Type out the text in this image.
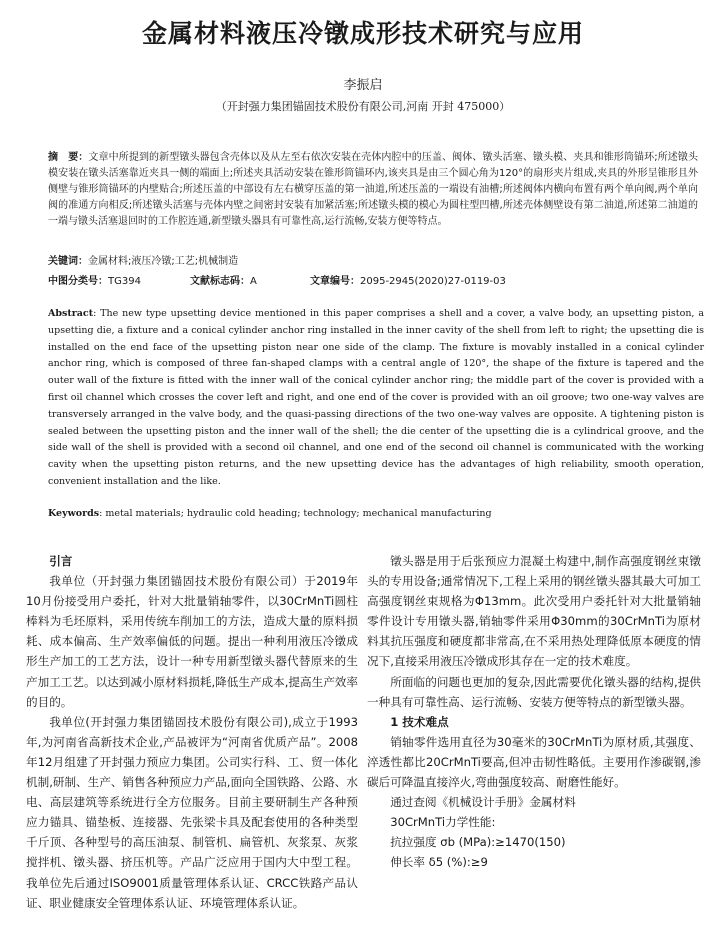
金属材料液压冷镦成形技术研究与应用
李振启
（开封强力集团锚固技术股份有限公司,河南 开封 475000）
摘　要：文章中所提到的新型镦头器包含壳体以及从左至右依次安装在壳体内腔中的压盖、阀体、镦头活塞、镦头模、夹具和锥形筒锚环;所述镦头模安装在镦头活塞靠近夹具一侧的端面上;所述夹具活动安装在锥形筒锚环内,该夹具是由三个圆心角为120°的扇形夹片组成,夹具的外形呈锥形且外侧壁与锥形筒锚环的内壁贴合;所述压盖的中部设有左右横穿压盖的第一油道,所述压盖的一端设有油槽;所述阀体内横向布置有两个单向阀,两个单向阀的准通方向相反;所述镦头活塞与壳体内壁之间密封安装有加紧活塞;所述镦头模的模心为圆柱型凹槽,所述壳体侧壁设有第二油道,所述第二油道的一端与镦头活塞退回时的工作腔连通,新型镦头器具有可靠性高,运行流畅,安装方便等特点。
关键词：金属材料;液压冷镦;工艺;机械制造
中图分类号：TG394	文献标志码：A	文章编号：2095-2945(2020)27-0119-03
Abstract: The new type upsetting device mentioned in this paper comprises a shell and a cover, a valve body, an upsetting piston, a upsetting die, a fixture and a conical cylinder anchor ring installed in the inner cavity of the shell from left to right; the upsetting die is installed on the end face of the upsetting piston near one side of the clamp. The fixture is movably installed in a conical cylinder anchor ring, which is composed of three fan-shaped clamps with a central angle of 120°, the shape of the fixture is tapered and the outer wall of the fixture is fitted with the inner wall of the conical cylinder anchor ring; the middle part of the cover is provided with a first oil channel which crosses the cover left and right, and one end of the cover is provided with an oil groove; two one-way valves are transversely arranged in the valve body, and the quasi-passing directions of the two one-way valves are opposite. A tightening piston is sealed between the upsetting piston and the inner wall of the shell; the die center of the upsetting die is a cylindrical groove, and the side wall of the shell is provided with a second oil channel, and one end of the second oil channel is communicated with the working cavity when the upsetting piston returns, and the new upsetting device has the advantages of high reliability, smooth operation, convenient installation and the like.
Keywords: metal materials; hydraulic cold heading; technology; mechanical manufacturing
引言

我单位（开封强力集团锚固技术股份有限公司）于2019年10月份接受用户委托，针对大批量销轴零件，以30CrMnTi圆柱棒料为毛坯原料，采用传统车削加工的方法，造成大量的原料损耗、成本偏高、生产效率偏低的问题。提出一种利用液压冷镦成形生产加工的工艺方法，设计一种专用新型镦头器代替原来的生产加工工艺。以达到减小原材料损耗,降低生产成本,提高生产效率的目的。

我单位(开封强力集团锚固技术股份有限公司),成立于1993年,为河南省高新技术企业,产品被评为“河南省优质产品”。2008年12月组建了开封强力预应力集团。公司实行科、工、贸一体化机制,研制、生产、销售各种预应力产品,面向全国铁路、公路、水电、高层建筑等系统进行全方位服务。目前主要研制生产各种预应力锚具、锚垫板、连接器、先张梁卡具及配套使用的各种类型千斤顶、各种型号的高压油泵、制管机、扁管机、灰浆泵、灰浆搅拌机、镦头器、挤压机等。产品广泛应用于国内大中型工程。我单位先后通过ISO9001质量管理体系认证、CRCC铁路产品认证、职业健康安全管理体系认证、环境管理体系认证。

镦头器是用于后张预应力混凝土构建中,制作高强度钢丝束镦头的专用设备;通常情况下,工程上采用的钢丝镦头器其最大可加工高强度钢丝束规格为Φ13mm。此次受用户委托针对大批量销轴零件设计专用镦头器,销轴零件采用Φ30mm的30CrMnTi为原材料其抗压强度和硬度都非常高,在不采用热处理降低原本硬度的情况下,直接采用液压冷镦成形其存在一定的技术难度。

所面临的问题也更加的复杂,因此需要优化镦头器的结构,提供一种具有可靠性高、运行流畅、安装方便等特点的新型镦头器。

1 技术难点

销轴零件选用直径为30毫米的30CrMnTi为原材质,其强度、淬透性都比20CrMnTi要高,但冲击韧性略低。主要用作渗碳钢,渗碳后可降温直接淬火,弯曲强度较高、耐磨性能好。

通过查阅《机械设计手册》金属材料

30CrMnTi力学性能:

抗拉强度 σb (MPa):≥1470(150)

伸长率 δ5 (%):≥9
